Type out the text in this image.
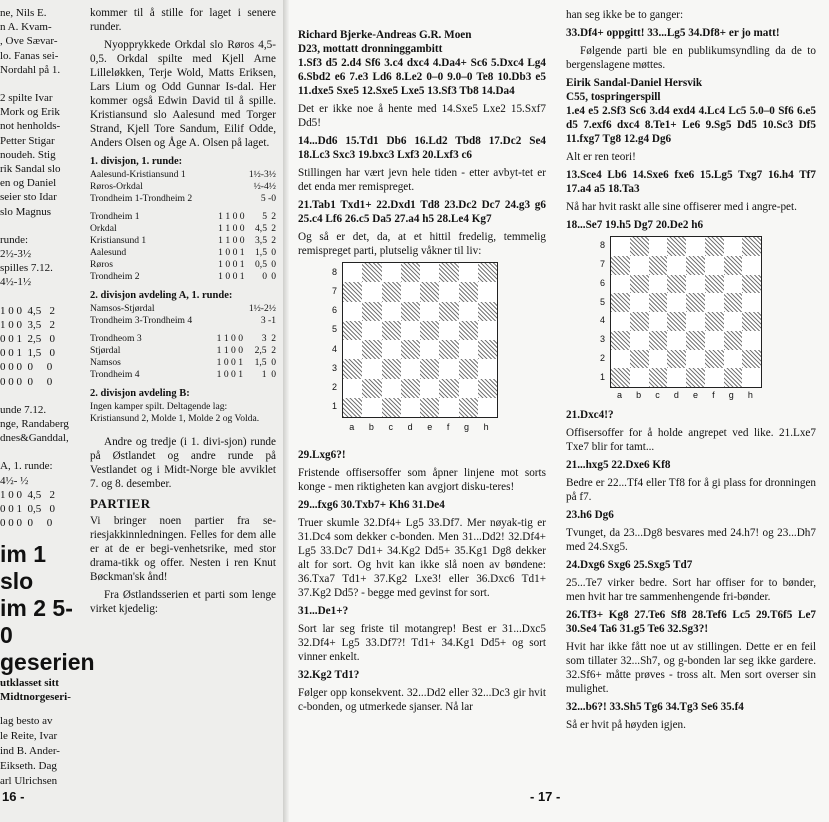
ne, Nils E.
n A. Kvam-
, Ove Sævar-
lo. Fanas sei-
Nordahl på 1.
2 spilte Ivar
Mork og Erik
not henholds-
Petter Stigar
noudeh. Stig
rik Sandal slo
en og Daniel
seier sto Idar
slo Magnus
runde:
2½-3½
spilles 7.12.
4½-1½
1 0 0  4,5   2
1 0 0  3,5   2
0 0 1  2,5   0
0 0 1  1,5   0
0 0 0  0     0
0 0 0  0     0
unde 7.12.
nge, Randaberg
dnes&Ganddal,
A, 1. runde:
4½- ½
1 0 0  4,5   2
0 0 1  0,5   0
0 0 0  0     0
im 1 slo
im 2 5-0
geserien
utklasset sitt
Midtnorgeseri-
lag besto av
le Reite, Ivar
ind B. Ander-
Eikseth. Dag
arl Ulrichsen

kommer til å stille for laget i senere runder.

Nyopprykkede Orkdal slo Røros 4,5-0,5. Orkdal spilte med Kjell Arne Lilleløkken, Terje Wold, Matts Eriksen, Lars Lium og Odd Gunnar Is-dal. Her kommer også Edwin David til å spille. Kristiansund slo Aalesund med Torger Strand, Kjell Tore Sandum, Eilif Odde, Anders Olsen og Åge A. Olsen på laget.

1. divisjon, 1. runde:
Aalesund-Kristiansund 1	1½-3½
Røros-Orkdal	½-4½
Trondheim 1-Trondheim 2	5 -0
Trondheim 1	1 1 0 0	5	2
Orkdal	1 1 0 0	4,5	2
Kristiansund 1	1 1 0 0	3,5	2
Aalesund	1 0 0 1	1,5	0
Røros	1 0 0 1	0,5	0
Trondheim 2	1 0 0 1	0	0
2. divisjon avdeling A, 1. runde:
Namsos-Stjørdal	1½-2½
Trondheim 3-Trondheim 4	3 -1
Trondheom 3	1 1 0 0	3	2
Stjørdal	1 1 0 0	2,5	2
Namsos	1 0 0 1	1,5	0
Trondheim 4	1 0 0 1	1	0
2. divisjon avdeling B:
Ingen kamper spilt. Deltagende lag: Kristiansund 2, Molde 1, Molde 2 og Volda.

Andre og tredje (i 1. divi-sjon) runde på Østlandet og andre runde på Vestlandet og i Midt-Norge ble avviklet 7. og 8. desember.

PARTIER

Vi bringer noen partier fra se-riesjakkinnledningen. Felles for dem alle er at de er begi-venhetsrike, med stor drama-tikk og offer. Nesten i ren Knut Bøckman'sk ånd!

Fra Østlandsserien et parti som lenge virket kjedelig:

16 -
Richard Bjerke-Andreas G.R. Moen
D23, mottatt dronninggambitt

1.Sf3 d5 2.d4 Sf6 3.c4 dxc4 4.Da4+ Sc6 5.Dxc4 Lg4 6.Sbd2 e6 7.e3 Ld6 8.Le2 0–0 9.0–0 Te8 10.Db3 e5 11.dxe5 Sxe5 12.Sxe5 Lxe5 13.Sf3 Tb8 14.Da4

Det er ikke noe å hente med 14.Sxe5 Lxe2 15.Sxf7 Dd5!

14...Dd6 15.Td1 Db6 16.Ld2 Tbd8 17.Dc2 Se4 18.Lc3 Sxc3 19.bxc3 Lxf3 20.Lxf3 c6

Stillingen har vært jevn hele tiden - etter avbyt-tet er det enda mer remispreget.

21.Tab1 Txd1+ 22.Dxd1 Td8 23.Dc2 Dc7 24.g3 g6 25.c4 Lf6 26.c5 Da5 27.a4 h5 28.Le4 Kg7

Og så er det, da, at et hittil fredelig, temmelig remispreget parti, plutselig våkner til liv:

8
7
6
5
4
3
2
1
a b c d e f g h

29.Lxg6?!

Fristende offisersoffer som åpner linjene mot sorts konge - men riktigheten kan avgjort disku-teres!

29...fxg6 30.Txb7+ Kh6 31.De4

Truer skumle 32.Df4+ Lg5 33.Df7. Mer nøyak-tig er 31.Dc4 som dekker c-bonden. Men 31...Dd2! 32.Df4+ Lg5 33.Dc7 Dd1+ 34.Kg2 Dd5+ 35.Kg1 Dg8 dekker alt for sort. Og hvit kan ikke slå noen av bøndene: 36.Txa7 Td1+ 37.Kg2 Lxe3! eller 36.Dxc6 Td1+ 37.Kg2 Dd5? - begge med gevinst for sort.

31...De1+?

Sort lar seg friste til motangrep! Best er 31...Dxc5 32.Df4+ Lg5 33.Df7?! Td1+ 34.Kg1 Dd5+ og sort vinner enkelt.

32.Kg2 Td1?

Følger opp konsekvent. 32...Dd2 eller 32...Dc3 gir hvit c-bonden, og utmerkede sjanser. Nå lar

han seg ikke be to ganger:

33.Df4+ oppgitt! 33...Lg5 34.Df8+ er jo matt!

Følgende parti ble en publikumsyndling da de to bergenslagene møttes.

Eirik Sandal-Daniel Hersvik
C55, tospringerspill

1.e4 e5 2.Sf3 Sc6 3.d4 exd4 4.Lc4 Lc5 5.0–0 Sf6 6.e5 d5 7.exf6 dxc4 8.Te1+ Le6 9.Sg5 Dd5 10.Sc3 Df5 11.fxg7 Tg8 12.g4 Dg6

Alt er ren teori!

13.Sce4 Lb6 14.Sxe6 fxe6 15.Lg5 Txg7 16.h4 Tf7 17.a4 a5 18.Ta3

Nå har hvit raskt alle sine offiserer med i angre-pet.

18...Se7 19.h5 Dg7 20.De2 h6

8
7
6
5
4
3
2
1
a b c d e f g h

21.Dxc4!?

Offisersoffer for å holde angrepet ved like. 21.Lxe7 Txe7 blir for tamt...

21...hxg5 22.Dxe6 Kf8

Bedre er 22...Tf4 eller Tf8 for å gi plass for dronningen på f7.

23.h6 Dg6

Tvunget, da 23...Dg8 besvares med 24.h7! og 23...Dh7 med 24.Sxg5.

24.Dxg6 Sxg6 25.Sxg5 Td7

25...Te7 virker bedre. Sort har offiser for to bønder, men hvit har tre sammenhengende fri-bønder.

26.Tf3+ Kg8 27.Te6 Sf8 28.Tef6 Lc5 29.T6f5 Le7 30.Se4 Ta6 31.g5 Te6 32.Sg3?!

Hvit har ikke fått noe ut av stillingen. Dette er en feil som tillater 32...Sh7, og g-bonden lar seg ikke gardere. 32.Sf6+ måtte prøves - tross alt. Men sort overser sin mulighet.

32...b6?! 33.Sh5 Tg6 34.Tg3 Se6 35.f4

Så er hvit på høyden igjen.

- 17 -
